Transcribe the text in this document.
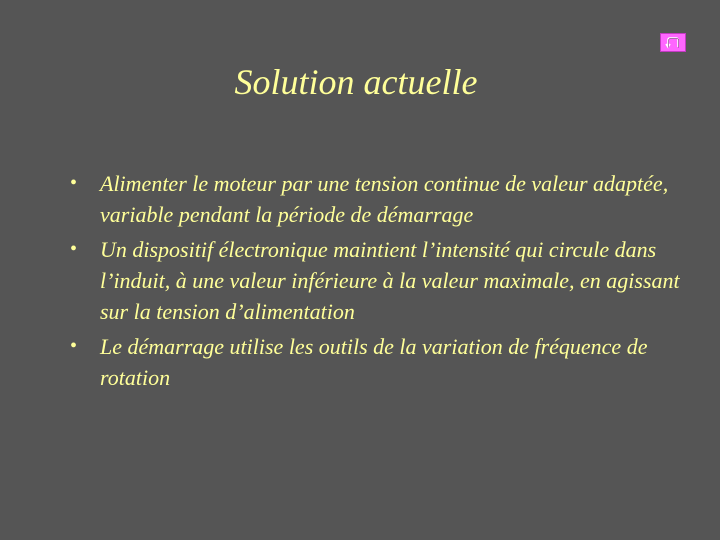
Solution actuelle
• Alimenter le moteur par une tension continue de valeur adaptée, variable pendant la période de démarrage
• Un dispositif électronique maintient l’intensité qui circule dans l’induit, à une valeur inférieure à la valeur maximale, en agissant sur la tension d’alimentation
• Le démarrage utilise les outils de la variation de fréquence de rotation
